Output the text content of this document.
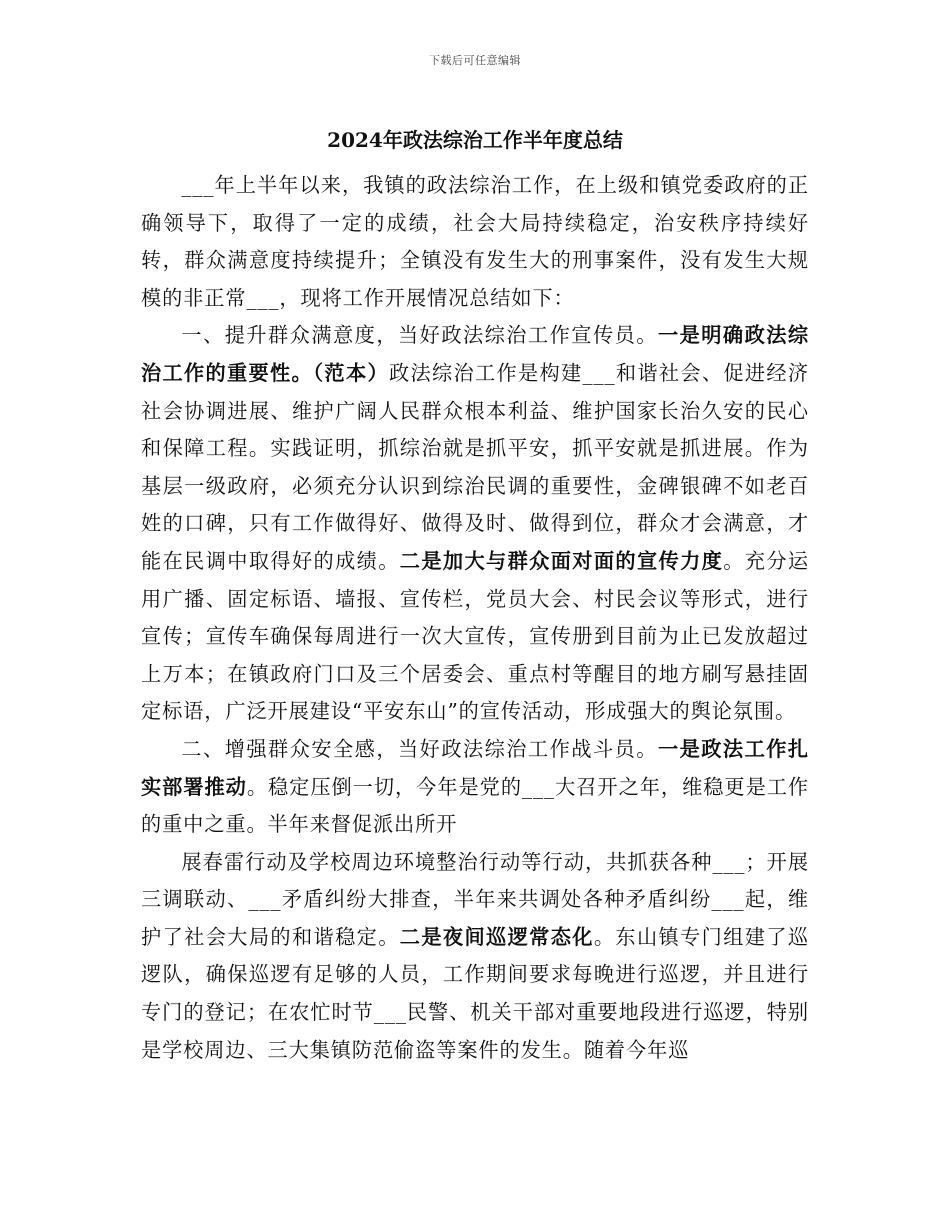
下载后可任意编辑
2024年政法综治工作半年度总结

___年上半年以来，我镇的政法综治工作，在上级和镇党委政府的正确领导下，取得了一定的成绩，社会大局持续稳定，治安秩序持续好转，群众满意度持续提升；全镇没有发生大的刑事案件，没有发生大规模的非正常___，现将工作开展情况总结如下：

一、提升群众满意度，当好政法综治工作宣传员。一是明确政法综治工作的重要性。（范本）政法综治工作是构建___和谐社会、促进经济社会协调进展、维护广阔人民群众根本利益、维护国家长治久安的民心和保障工程。实践证明，抓综治就是抓平安，抓平安就是抓进展。作为基层一级政府，必须充分认识到综治民调的重要性，金碑银碑不如老百姓的口碑，只有工作做得好、做得及时、做得到位，群众才会满意，才能在民调中取得好的成绩。二是加大与群众面对面的宣传力度。充分运用广播、固定标语、墙报、宣传栏，党员大会、村民会议等形式，进行宣传；宣传车确保每周进行一次大宣传，宣传册到目前为止已发放超过上万本；在镇政府门口及三个居委会、重点村等醒目的地方刷写悬挂固定标语，广泛开展建设“平安东山”的宣传活动，形成强大的舆论氛围。

二、增强群众安全感，当好政法综治工作战斗员。一是政法工作扎实部署推动。稳定压倒一切，今年是党的___大召开之年，维稳更是工作的重中之重。半年来督促派出所开

展春雷行动及学校周边环境整治行动等行动，共抓获各种___；开展三调联动、___矛盾纠纷大排查，半年来共调处各种矛盾纠纷___起，维护了社会大局的和谐稳定。二是夜间巡逻常态化。东山镇专门组建了巡逻队，确保巡逻有足够的人员，工作期间要求每晚进行巡逻，并且进行专门的登记；在农忙时节___民警、机关干部对重要地段进行巡逻，特别是学校周边、三大集镇防范偷盗等案件的发生。随着今年巡
